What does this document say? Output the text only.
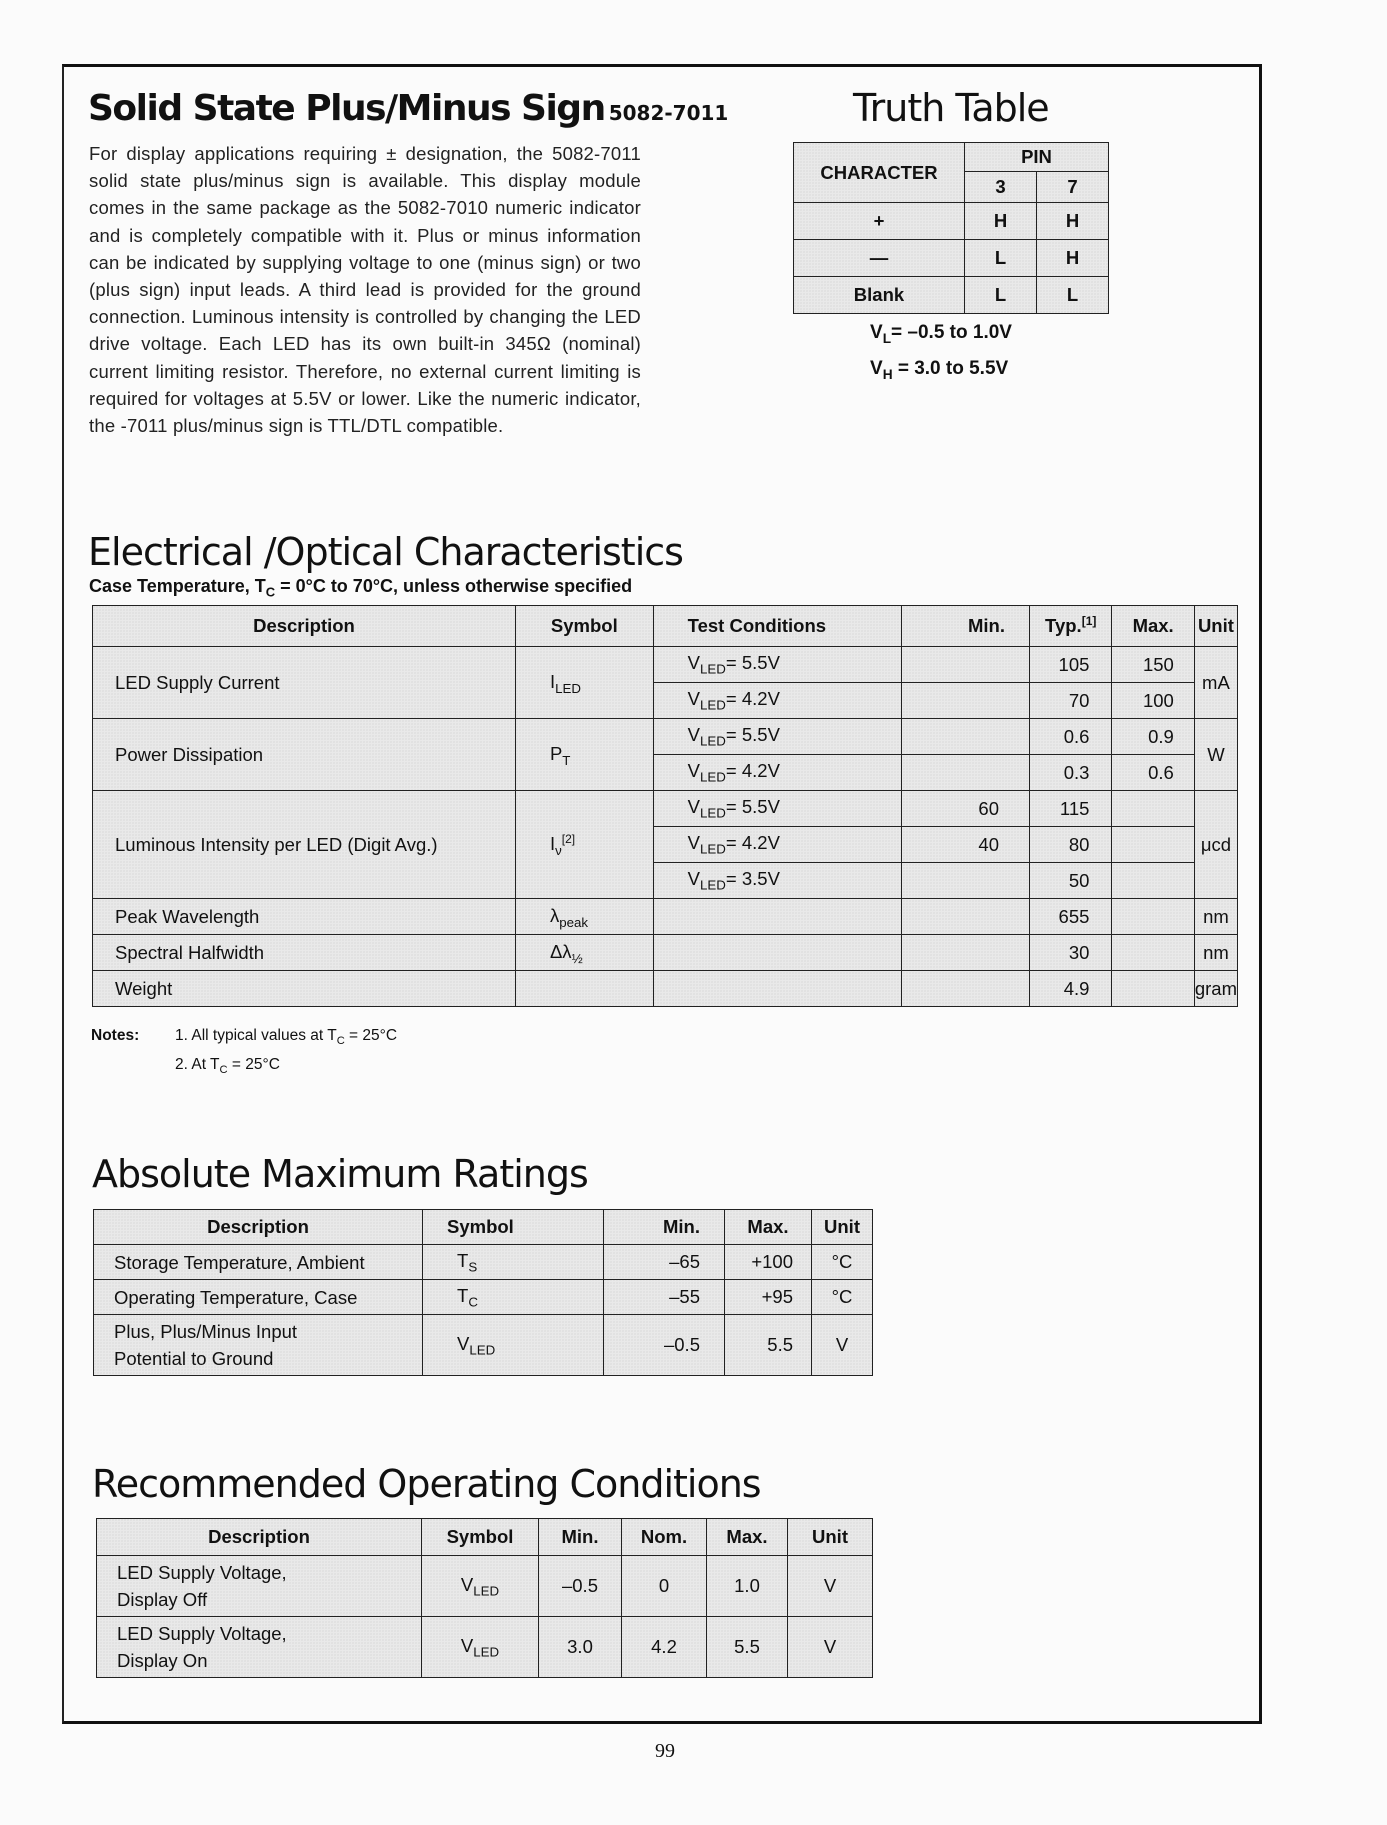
Solid State Plus/Minus Sign 5082-7011

For display applications requiring ± designation, the 5082-7011 solid state plus/minus sign is available. This display module comes in the same package as the 5082-7010 numeric indicator and is completely compatible with it. Plus or minus information can be indicated by supplying voltage to one (minus sign) or two (plus sign) input leads. A third lead is provided for the ground connection. Luminous intensity is controlled by changing the LED drive voltage. Each LED has its own built-in 345Ω (nominal) current limiting resistor. Therefore, no external current limiting is required for voltages at 5.5V or lower. Like the numeric indicator, the -7011 plus/minus sign is TTL/DTL compatible.

Truth Table
CHARACTER	PIN	
	3	7
+	H	H
—	L	H
Blank	L	L
$V_L= -0.5$ to 1.0V
$V_H = 3.0$ to 5.5V
Electrical /Optical Characteristics
Case Temperature, $T_C = 0^\circ C$ to 70°C, unless otherwise specified
Description	Symbol	Test Conditions	Min.	Typ.[1]	Max.	Unit
LED Supply Current	$I_{LED}$	$V_{LED}= 5.5V$		105	150	mA
		$V_{LED}= 4.2V$		70	100	
Power Dissipation	$P_T$	$V_{LED}= 5.5V$		0.6	0.9	W
		$V_{LED}= 4.2V$		0.3	0.6	
Luminous Intensity per LED (Digit Avg.)	$I_\nu[2]$	$V_{LED}= 5.5V$	60	115		μcd
		$V_{LED}= 4.2V$	40	80		
		$V_{LED}= 3.5V$		50		
Peak Wavelength	$\lambda_{peak}$			655		nm
Spectral Halfwidth	$\Delta\lambda_{\frac{1}{2}}$			30		nm
Weight				4.9		gram
Notes: 1. All typical values at $T_C = 25^\circ C$
2. At $T_C = 25^\circ C$
Absolute Maximum Ratings
Description	Symbol	Min.	Max.	Unit

Storage Temperature, Ambient	$T_S$	–65	+100	°C

Operating Temperature, Case	$T_C$	–55	+95	°C

Plus, Plus/Minus Input
Potential to Ground	$V_{LED}$	–0.5	5.5	V
Recommended Operating Conditions
Description	Symbol	Min.	Nom.	Max.	Unit

LED Supply Voltage,
Display Off	$V_{LED}$	–0.5	0	1.0	V

LED Supply Voltage,
Display On	$V_{LED}$	3.0	4.2	5.5	V
99
